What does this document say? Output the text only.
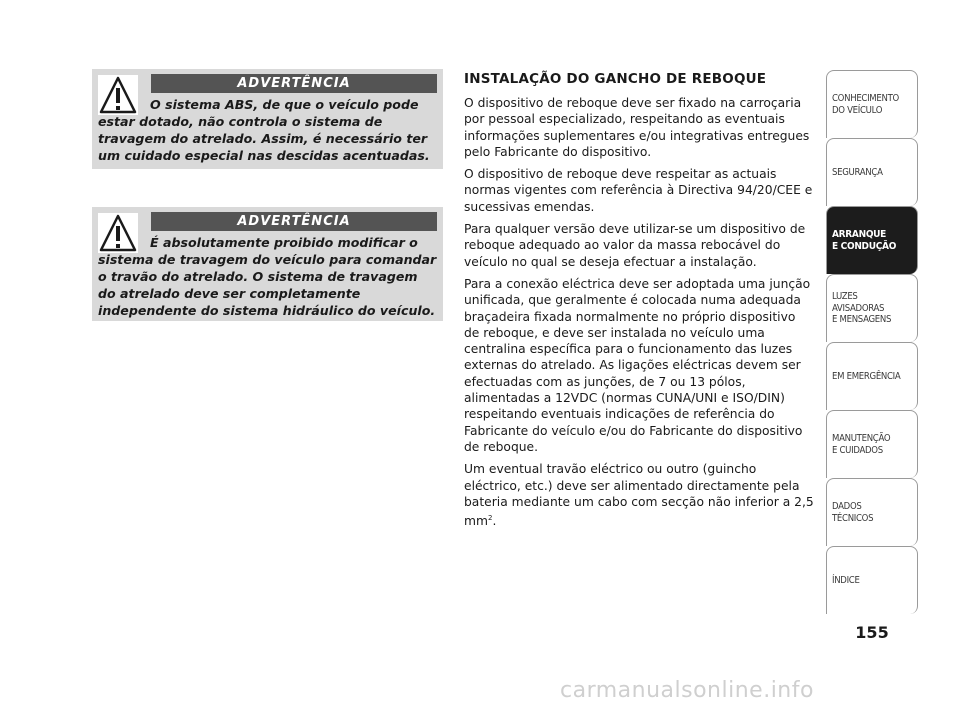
ADVERTÊNCIA
O sistema ABS, de que o veículo pode estar dotado, não controla o sistema de travagem do atrelado. Assim, é necessário ter um cuidado especial nas descidas acentuadas.
ADVERTÊNCIA
É absolutamente proibido modificar o sistema de travagem do veículo para comandar o travão do atrelado. O sistema de travagem do atrelado deve ser completamente independente do sistema hidráulico do veículo.
INSTALAÇÃO DO GANCHO DE REBOQUE

O dispositivo de reboque deve ser fixado na carroçaria por pessoal especializado, respeitando as eventuais informações suplementares e/ou integrativas entregues pelo Fabricante do dispositivo.

O dispositivo de reboque deve respeitar as actuais normas vigentes com referência à Directiva 94/20/CEE e sucessivas emendas.

Para qualquer versão deve utilizar-se um dispositivo de reboque adequado ao valor da massa rebocável do veículo no qual se deseja efectuar a instalação.

Para a conexão eléctrica deve ser adoptada uma junção unificada, que geralmente é colocada numa adequada braçadeira fixada normalmente no próprio dispositivo de reboque, e deve ser instalada no veículo uma centralina específica para o funcionamento das luzes externas do atrelado. As ligações eléctricas devem ser efectuadas com as junções, de 7 ou 13 pólos, alimentadas a 12VDC (normas CUNA/UNI e ISO/DIN) respeitando eventuais indicações de referência do Fabricante do veículo e/ou do Fabricante do dispositivo de reboque.

Um eventual travão eléctrico ou outro (guincho eléctrico, etc.) deve ser alimentado directamente pela bateria mediante um cabo com secção não inferior a 2,5 $mm^2$.

CONHECIMENTO
DO VEÍCULO
SEGURANÇA
ARRANQUE
E CONDUÇÃO
LUZES
AVISADORAS
E MENSAGENS
EM EMERGÊNCIA
MANUTENÇÃO
E CUIDADOS
DADOS
TÉCNICOS
ÍNDICE
155
carmanualsonline.info
